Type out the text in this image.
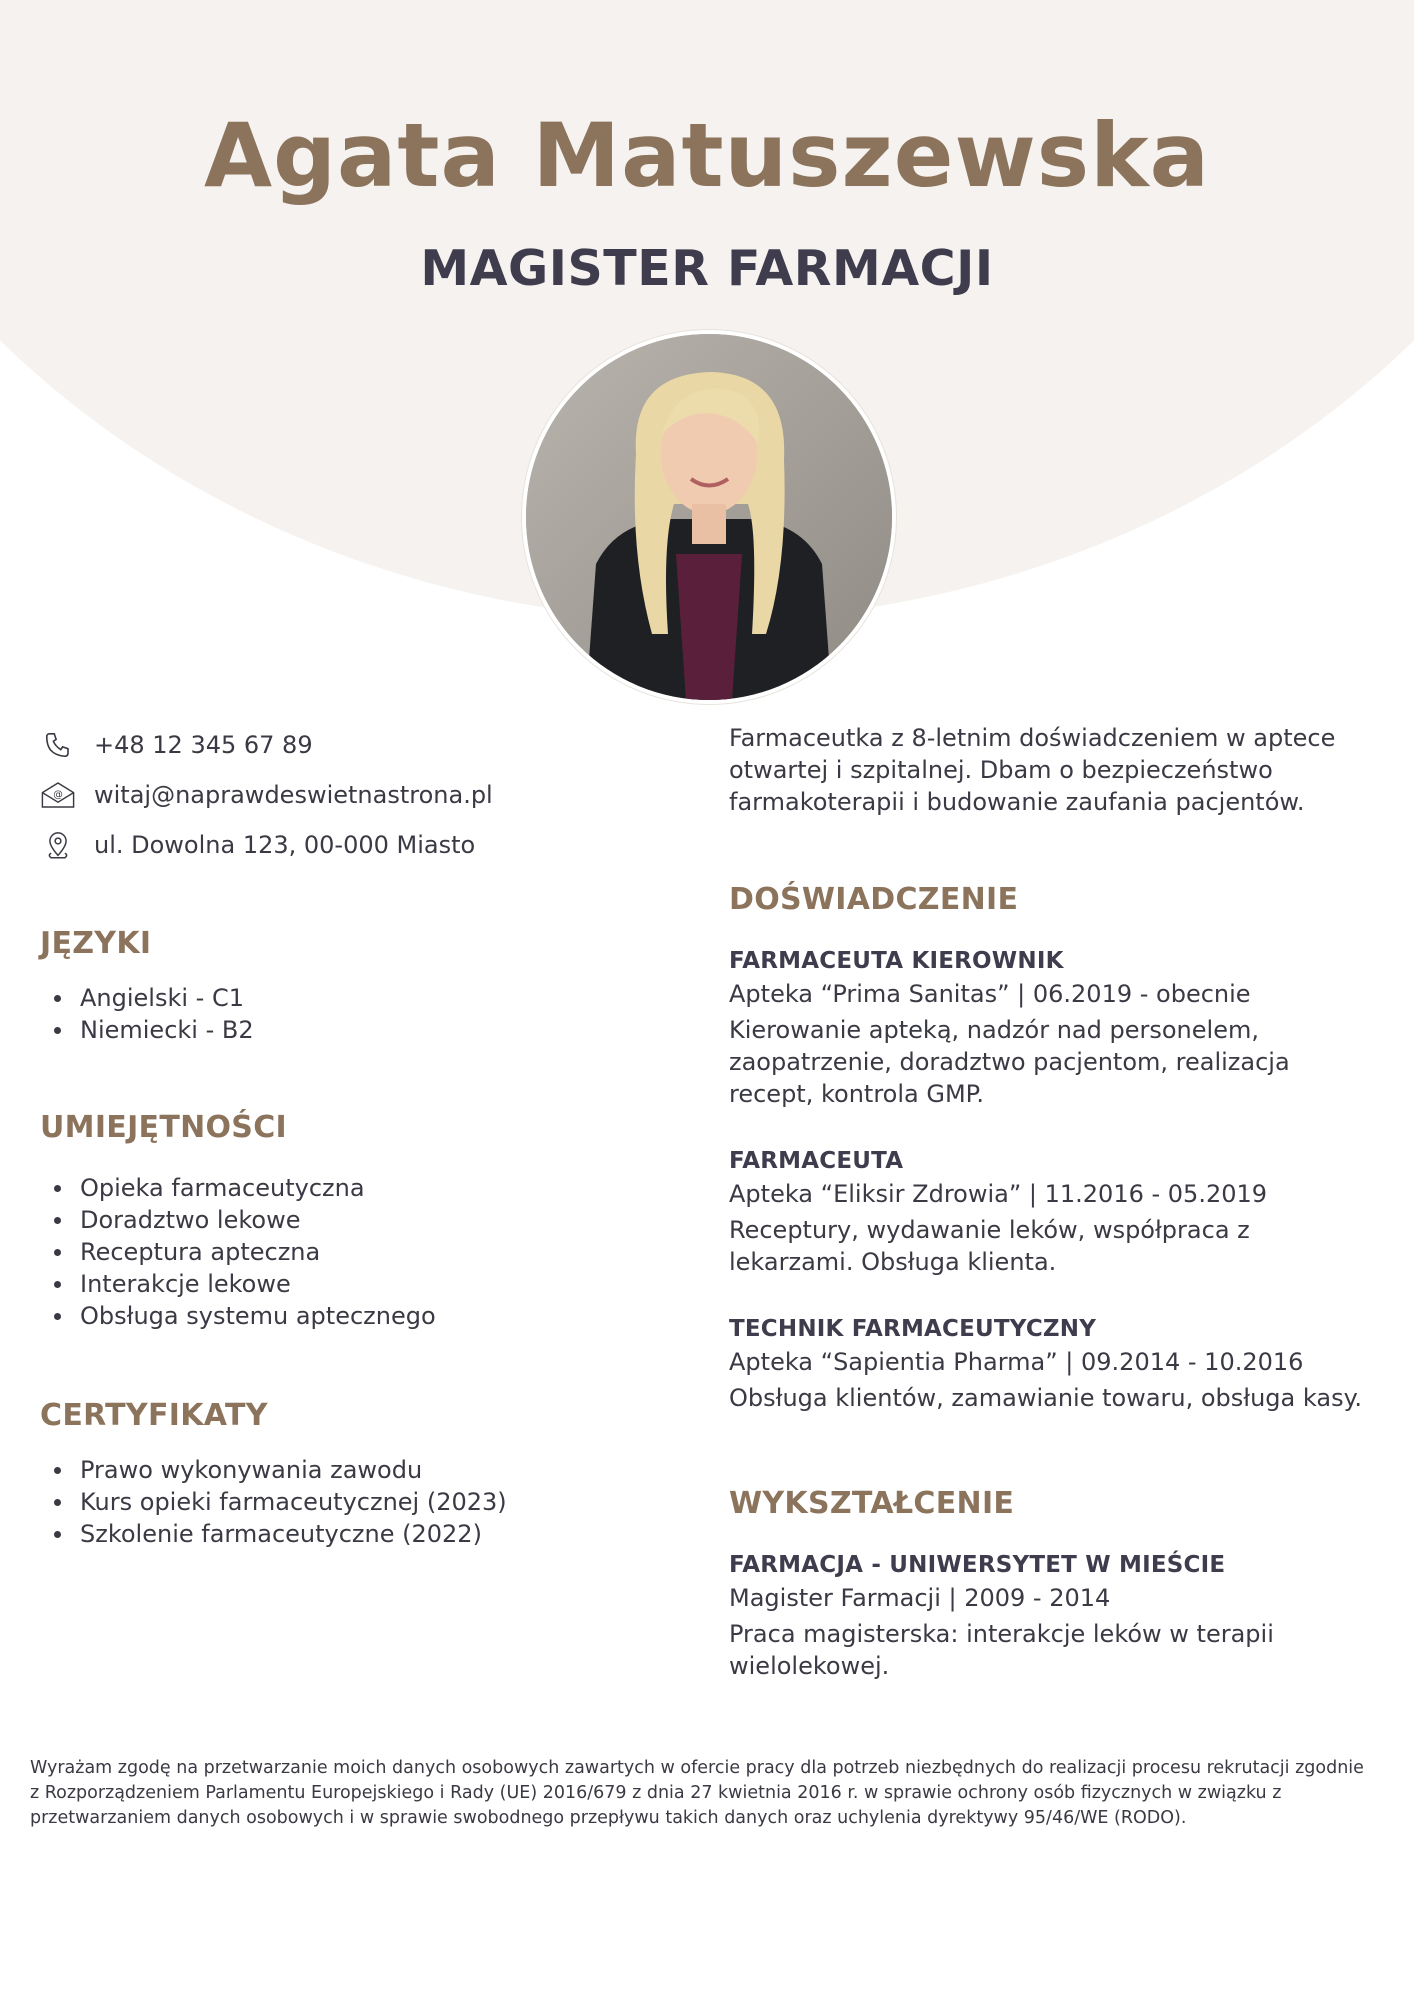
Agata Matuszewska
MAGISTER FARMACJI
+48 12 345 67 89
@ witaj@naprawdeswietnastrona.pl
ul. Dowolna 123, 00-000 Miasto
JĘZYKI
Angielski - C1
Niemiecki - B2
UMIEJĘTNOŚCI
Opieka farmaceutyczna
Doradztwo lekowe
Receptura apteczna
Interakcje lekowe
Obsługa systemu aptecznego
CERTYFIKATY
Prawo wykonywania zawodu
Kurs opieki farmaceutycznej (2023)
Szkolenie farmaceutyczne (2022)
Farmaceutka z 8-letnim doświadczeniem w aptece otwartej i szpitalnej. Dbam o bezpieczeństwo farmakoterapii i budowanie zaufania pacjentów.
DOŚWIADCZENIE
FARMACEUTA KIEROWNIK
Apteka “Prima Sanitas” | 06.2019 - obecnie
Kierowanie apteką, nadzór nad personelem, zaopatrzenie, doradztwo pacjentom, realizacja recept, kontrola GMP.
FARMACEUTA
Apteka “Eliksir Zdrowia” | 11.2016 - 05.2019
Receptury, wydawanie leków, współpraca z lekarzami. Obsługa klienta.
TECHNIK FARMACEUTYCZNY
Apteka “Sapientia Pharma” | 09.2014 - 10.2016
Obsługa klientów, zamawianie towaru, obsługa kasy.
WYKSZTAŁCENIE
FARMACJA - UNIWERSYTET W MIEŚCIE
Magister Farmacji | 2009 - 2014
Praca magisterska: interakcje leków w terapii wielolekowej.
Wyrażam zgodę na przetwarzanie moich danych osobowych zawartych w ofercie pracy dla potrzeb niezbędnych do realizacji procesu rekrutacji zgodnie z Rozporządzeniem Parlamentu Europejskiego i Rady (UE) 2016/679 z dnia 27 kwietnia 2016 r. w sprawie ochrony osób fizycznych w związku z przetwarzaniem danych osobowych i w sprawie swobodnego przepływu takich danych oraz uchylenia dyrektywy 95/46/WE (RODO).
